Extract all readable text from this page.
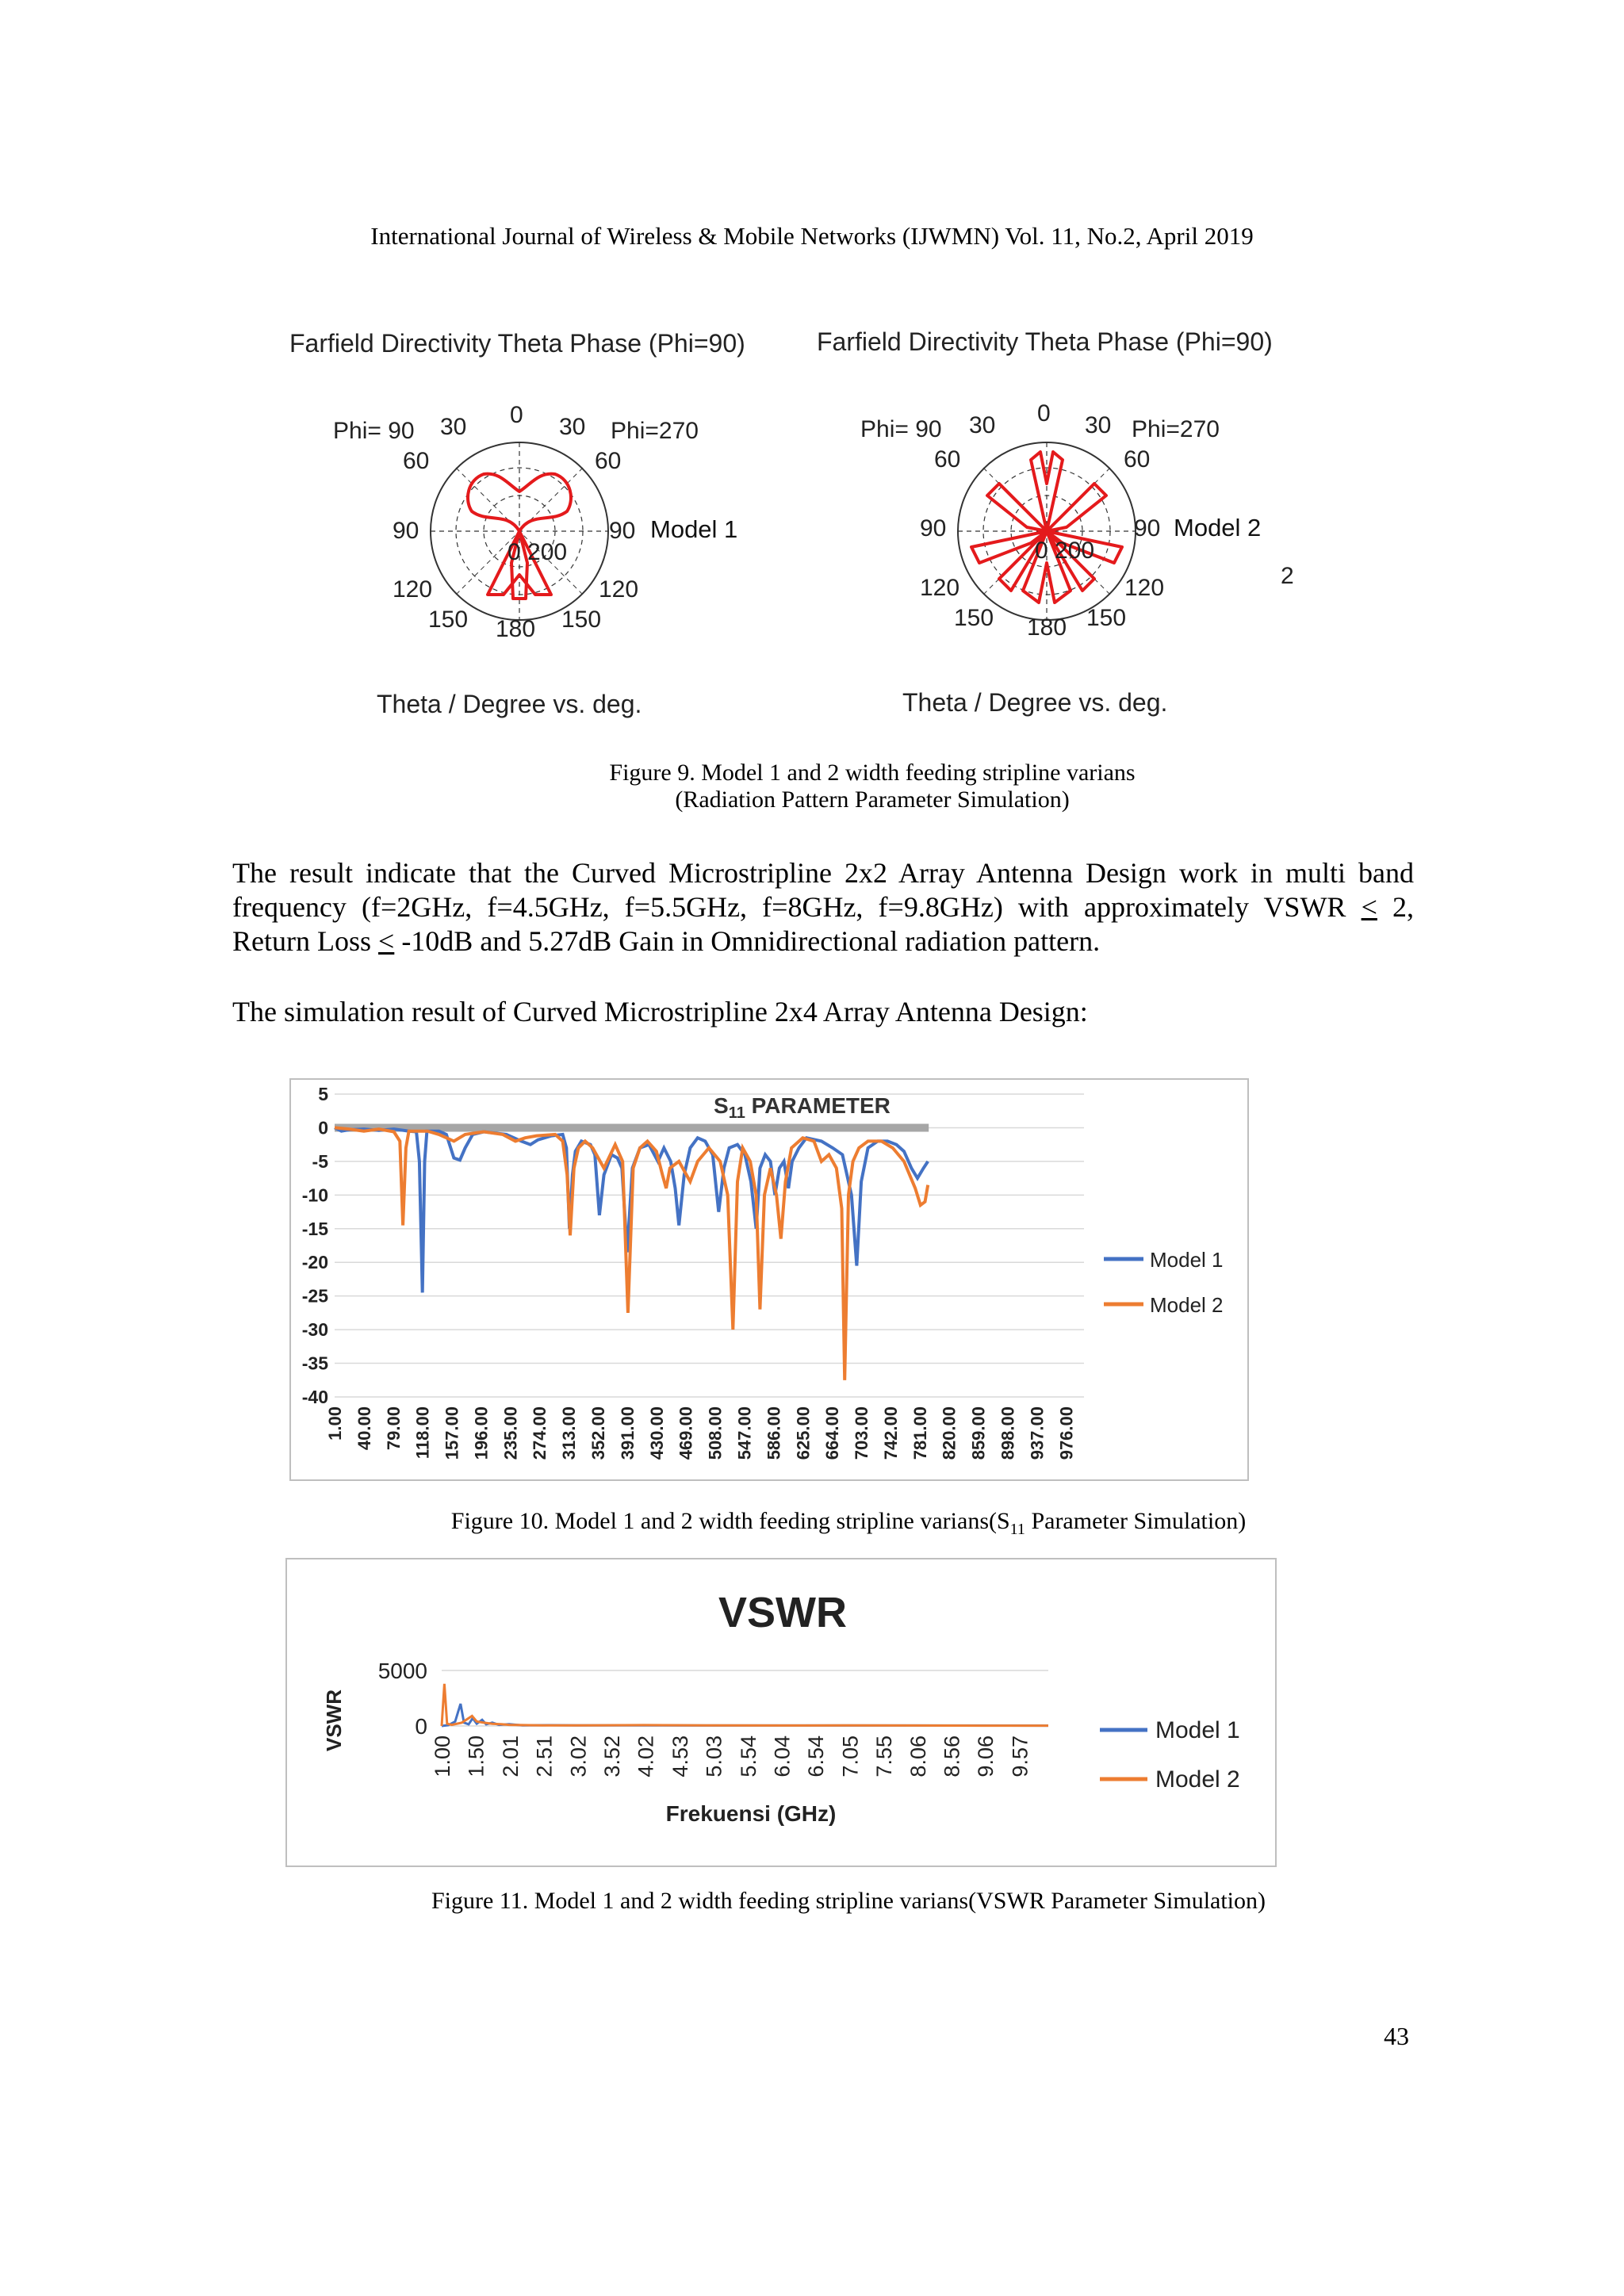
International Journal of Wireless & Mobile Networks (IJWMN) Vol. 11, No.2, April 2019
Farfield Directivity Theta Phase (Phi=90)
0
Phi= 90 30	30 Phi=270
60	60
90	90 Model 1
0 200
120	120
150	150
180
Theta / Degree vs. deg.
Farfield Directivity Theta Phase (Phi=90)
0
Phi= 90 30	30 Phi=270
60	60
90	90 Model 2
0 200
120	120
150	150
180
Theta / Degree vs. deg.
2
Figure 9. Model 1 and 2 width feeding stripline varians
(Radiation Pattern Parameter Simulation)
The result indicate that the Curved Microstripline 2x2 Array Antenna Design work in multi band frequency (f=2GHz, f=4.5GHz, f=5.5GHz, f=8GHz, f=9.8GHz) with approximately VSWR ≤ 2, Return Loss ≤ -10dB and 5.27dB Gain in Omnidirectional radiation pattern.
The simulation result of Curved Microstripline 2x4 Array Antenna Design:
5
0
-5
-10
-15
-20
-25
-30
-35
-40
1.00 40.00 79.00 118.00 157.00 196.00 235.00 274.00 313.00 352.00 391.00 430.00 469.00 508.00 547.00 586.00 625.00 664.00 703.00 742.00 781.00 820.00 859.00 898.00 937.00 976.00
$S_{11}$ PARAMETER
Model 1
Model 2
Figure 10. Model 1 and 2 width feeding stripline $varians(S_{11}$ Parameter Simulation)
VSWR
VSWR
5000
0
1.00 1.50 2.01 2.51 3.02 3.52 4.02 4.53 5.03 5.54 6.04 6.54 7.05 7.55 8.06 8.56 9.06 9.57
Frekuensi (GHz)
Model 1
Model 2
Figure 11. Model 1 and 2 width feeding stripline varians(VSWR Parameter Simulation)
43
